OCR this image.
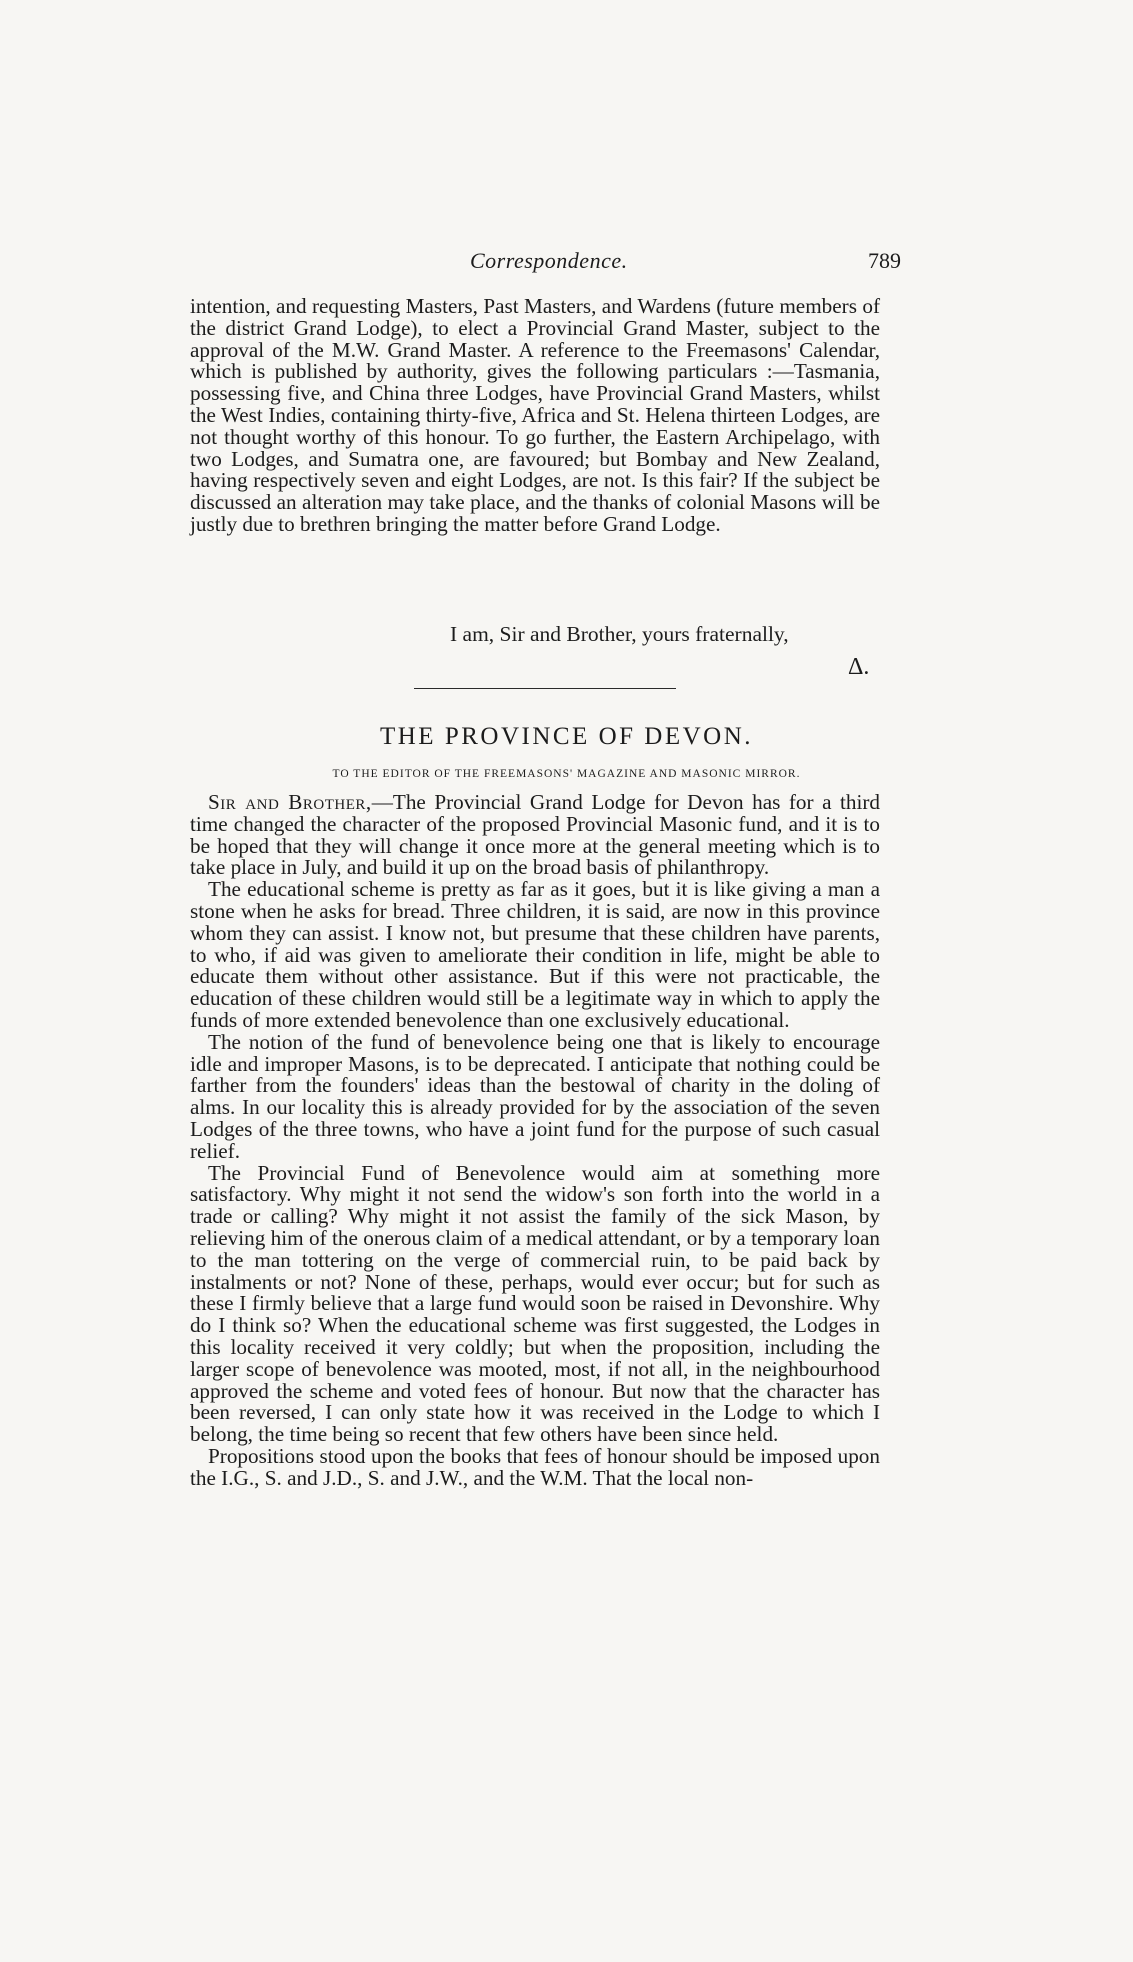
Correspondence.	789

intention, and requesting Masters, Past Masters, and Wardens (future members of the district Grand Lodge), to elect a Provincial Grand Master, subject to the approval of the M.W. Grand Master. A reference to the Freemasons' Calendar, which is published by authority, gives the following particulars :—Tasmania, possessing five, and China three Lodges, have Provincial Grand Masters, whilst the West Indies, containing thirty-five, Africa and St. Helena thirteen Lodges, are not thought worthy of this honour. To go further, the Eastern Archipelago, with two Lodges, and Sumatra one, are favoured; but Bombay and New Zealand, having respectively seven and eight Lodges, are not. Is this fair? If the subject be discussed an alteration may take place, and the thanks of colonial Masons will be justly due to brethren bringing the matter before Grand Lodge.

I am, Sir and Brother, yours fraternally,
Δ.
THE PROVINCE OF DEVON.
TO THE EDITOR OF THE FREEMASONS' MAGAZINE AND MASONIC MIRROR.

Sir and Brother,—The Provincial Grand Lodge for Devon has for a third time changed the character of the proposed Provincial Masonic fund, and it is to be hoped that they will change it once more at the general meeting which is to take place in July, and build it up on the broad basis of philanthropy.

The educational scheme is pretty as far as it goes, but it is like giving a man a stone when he asks for bread. Three children, it is said, are now in this province whom they can assist. I know not, but presume that these children have parents, to who, if aid was given to ameliorate their condition in life, might be able to educate them without other assistance. But if this were not practicable, the education of these children would still be a legitimate way in which to apply the funds of more extended benevolence than one exclusively educational.

The notion of the fund of benevolence being one that is likely to encourage idle and improper Masons, is to be deprecated. I anticipate that nothing could be farther from the founders' ideas than the bestowal of charity in the doling of alms. In our locality this is already provided for by the association of the seven Lodges of the three towns, who have a joint fund for the purpose of such casual relief.

The Provincial Fund of Benevolence would aim at something more satisfactory. Why might it not send the widow's son forth into the world in a trade or calling? Why might it not assist the family of the sick Mason, by relieving him of the onerous claim of a medical attendant, or by a temporary loan to the man tottering on the verge of commercial ruin, to be paid back by instalments or not? None of these, perhaps, would ever occur; but for such as these I firmly believe that a large fund would soon be raised in Devonshire. Why do I think so? When the educational scheme was first suggested, the Lodges in this locality received it very coldly; but when the proposition, including the larger scope of benevolence was mooted, most, if not all, in the neighbourhood approved the scheme and voted fees of honour. But now that the character has been reversed, I can only state how it was received in the Lodge to which I belong, the time being so recent that few others have been since held.

Propositions stood upon the books that fees of honour should be imposed upon the I.G., S. and J.D., S. and J.W., and the W.M. That the local non-
